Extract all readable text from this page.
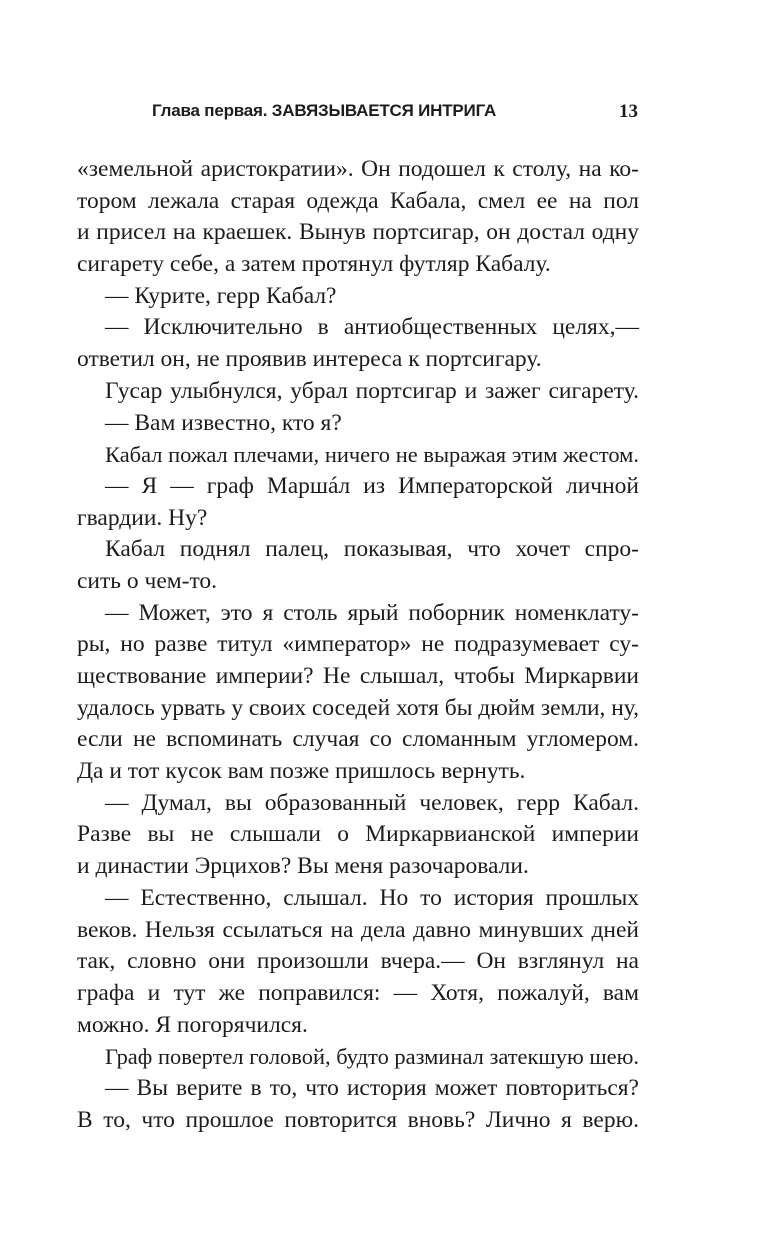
Глава первая. ЗАВЯЗЫВАЕТСЯ ИНТРИГА	13
«земельной аристократии». Он подошел к столу, на ко-
тором лежала старая одежда Кабала, смел ее на пол
и присел на краешек. Вынув портсигар, он достал одну
сигарету себе, а затем протянул футляр Кабалу.
— Курите, герр Кабал?
— Исключительно в антиобщественных целях,—
ответил он, не проявив интереса к портсигару.
Гусар улыбнулся, убрал портсигар и зажег сигарету.
— Вам известно, кто я?
Кабал пожал плечами, ничего не выражая этим жестом.
— Я — граф Маршáл из Императорской личной
гвардии. Ну?
Кабал поднял палец, показывая, что хочет спро-
сить о чем-то.
— Может, это я столь ярый поборник номенклату-
ры, но разве титул «император» не подразумевает су-
ществование империи? Не слышал, чтобы Миркарвии
удалось урвать у своих соседей хотя бы дюйм земли, ну,
если не вспоминать случая со сломанным угломером.
Да и тот кусок вам позже пришлось вернуть.
— Думал, вы образованный человек, герр Кабал.
Разве вы не слышали о Миркарвианской империи
и династии Эрцихов? Вы меня разочаровали.
— Естественно, слышал. Но то история прошлых
веков. Нельзя ссылаться на дела давно минувших дней
так, словно они произошли вчера.— Он взглянул на
графа и тут же поправился: — Хотя, пожалуй, вам
можно. Я погорячился.
Граф повертел головой, будто разминал затекшую шею.
— Вы верите в то, что история может повториться?
В то, что прошлое повторится вновь? Лично я верю.
